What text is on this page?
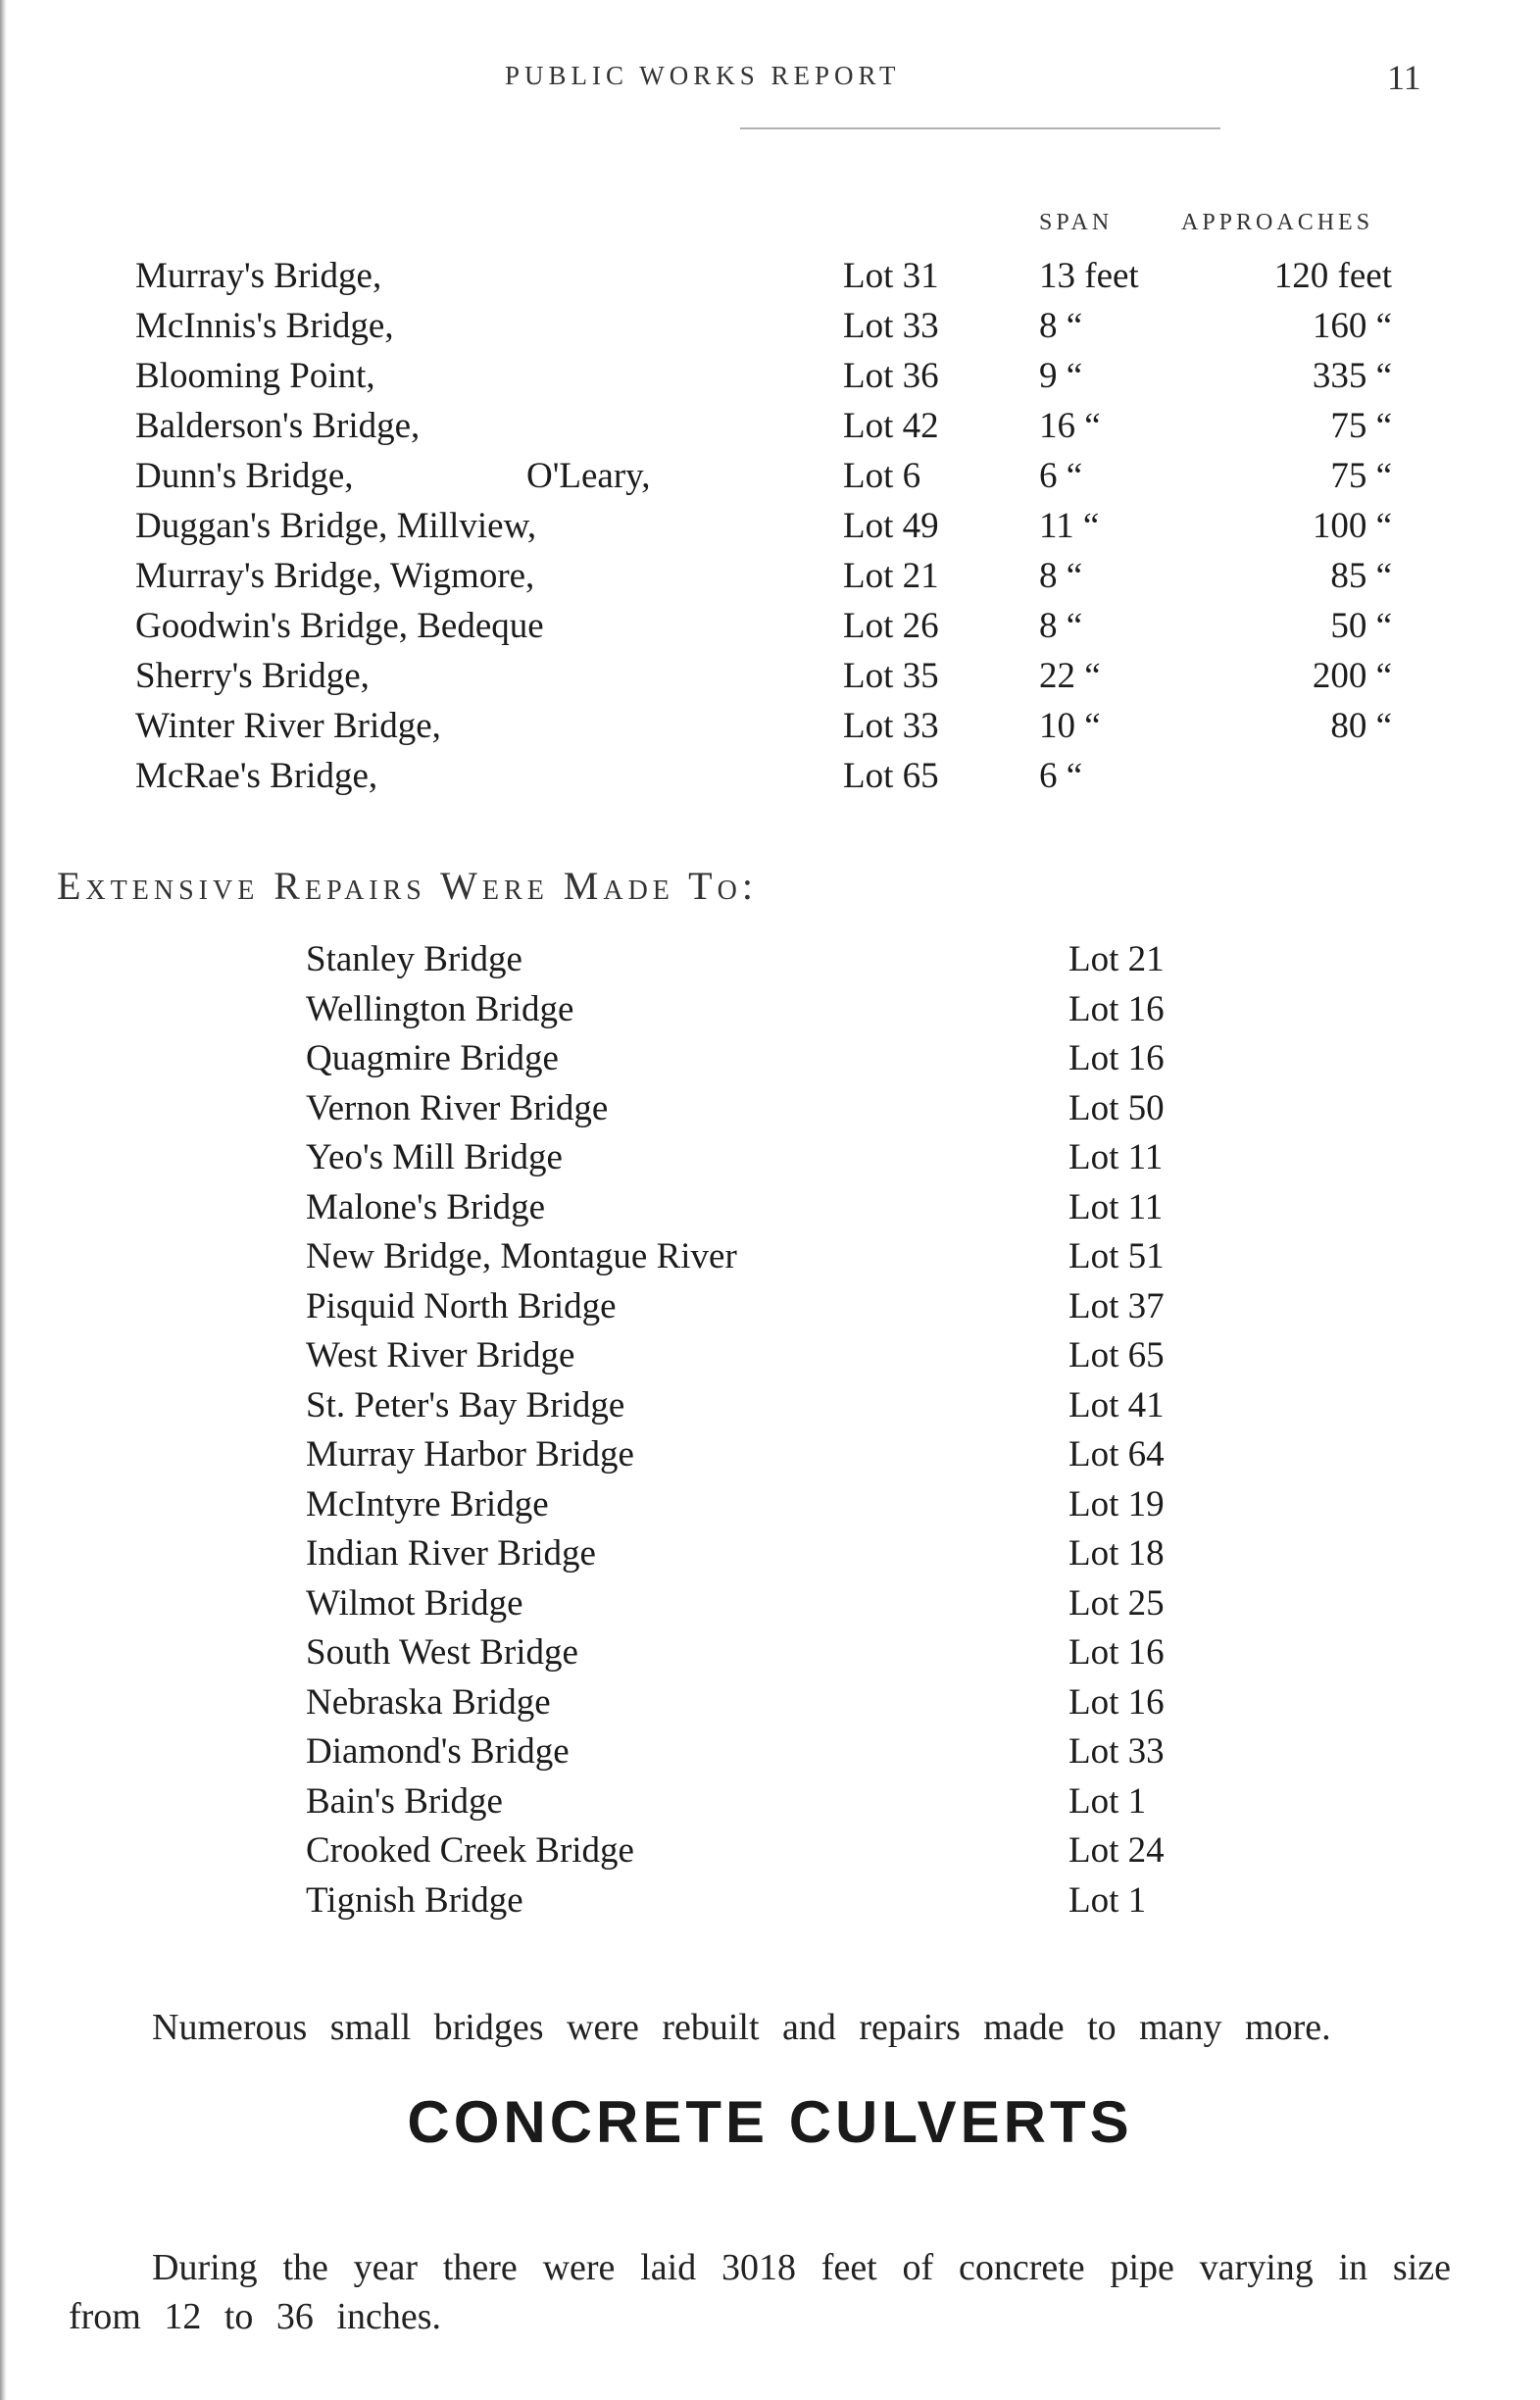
PUBLIC WORKS REPORT	11
SPAN	APPROACHES
Murray's Bridge,	Lot 31	13 feet	120 feet
McInnis's Bridge,	Lot 33	8 “	160 “
Blooming Point,	Lot 36	9 “	335 “
Balderson's Bridge,	Lot 42	16 “	75 “
Dunn's Bridge,	O'Leary,	Lot 6	6 “	75 “
Duggan's Bridge, Millview,	Lot 49	11 “	100 “
Murray's Bridge, Wigmore,	Lot 21	8 “	85 “
Goodwin's Bridge, Bedeque	Lot 26	8 “	50 “
Sherry's Bridge,	Lot 35	22 “	200 “
Winter River Bridge,	Lot 33	10 “	80 “
McRae's Bridge,	Lot 65	6 “
Extensive Repairs Were Made To:
Stanley Bridge	Lot 21
Wellington Bridge	Lot 16
Quagmire Bridge	Lot 16
Vernon River Bridge	Lot 50
Yeo's Mill Bridge	Lot 11
Malone's Bridge	Lot 11
New Bridge, Montague River	Lot 51
Pisquid North Bridge	Lot 37
West River Bridge	Lot 65
St. Peter's Bay Bridge	Lot 41
Murray Harbor Bridge	Lot 64
McIntyre Bridge	Lot 19
Indian River Bridge	Lot 18
Wilmot Bridge	Lot 25
South West Bridge	Lot 16
Nebraska Bridge	Lot 16
Diamond's Bridge	Lot 33
Bain's Bridge	Lot 1
Crooked Creek Bridge	Lot 24
Tignish Bridge	Lot 1

Numerous small bridges were rebuilt and repairs made to many more.

CONCRETE CULVERTS

During the year there were laid 3018 feet of concrete pipe varying in size from 12 to 36 inches.
